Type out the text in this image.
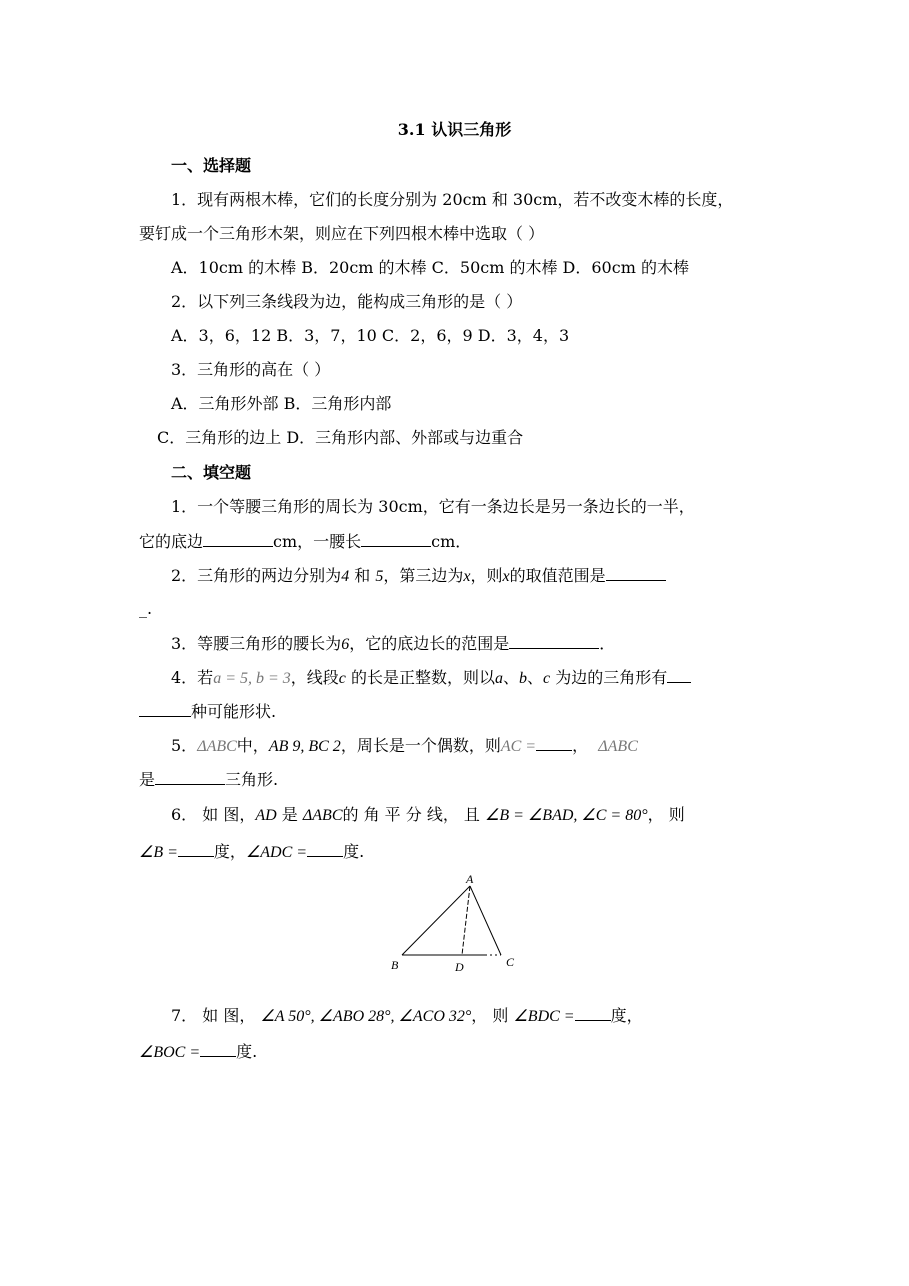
3.1 认识三角形
一、选择题
1．现有两根木棒，它们的长度分别为 20cm 和 30cm，若不改变木棒的长度，
要钉成一个三角形木架，则应在下列四根木棒中选取（ ）
A．10cm 的木棒 B．20cm 的木棒 C．50cm 的木棒 D．60cm 的木棒
2．以下列三条线段为边，能构成三角形的是（ ）
A．3，6，12 B．3，7，10 C．2，6，9 D．3，4，3
3．三角形的高在（ ）
A．三角形外部 B．三角形内部
C．三角形的边上 D．三角形内部、外部或与边重合
二、填空题
1．一个等腰三角形的周长为 30cm，它有一条边长是另一条边长的一半，
它的底边	cm，一腰长	cm．
2．三角形的两边分别为4 和 5，第三边为x，则x的取值范围是
_.
3．等腰三角形的腰长为6，它的底边长的范围是	．
4．若a = 5, b = 3，线段c 的长是正整数，则以a、b、c 为边的三角形有
种可能形状.
5．ΔABC中，AB 9, BC 2，周长是一个偶数，则AC = ， ΔABC
是	三角形.
6． 如 图，AD 是 ΔABC的 角 平 分 线， 且 ∠B = ∠BAD, ∠C = 80°， 则
∠B = 度，∠ADC = 度.
A
B	C
D
7． 如 图， ∠A 50°, ∠ABO 28°, ∠ACO 32°， 则 ∠BDC = 度，
∠BOC = 度.
